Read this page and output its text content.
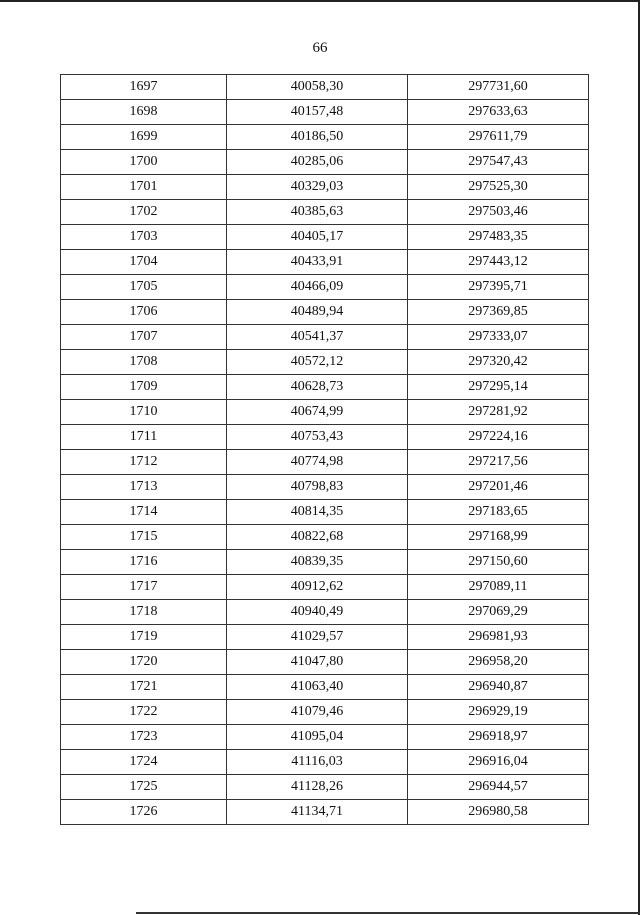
66
1697	40058,30	297731,60
1698	40157,48	297633,63
1699	40186,50	297611,79
1700	40285,06	297547,43
1701	40329,03	297525,30
1702	40385,63	297503,46
1703	40405,17	297483,35
1704	40433,91	297443,12
1705	40466,09	297395,71
1706	40489,94	297369,85
1707	40541,37	297333,07
1708	40572,12	297320,42
1709	40628,73	297295,14
1710	40674,99	297281,92
1711	40753,43	297224,16
1712	40774,98	297217,56
1713	40798,83	297201,46
1714	40814,35	297183,65
1715	40822,68	297168,99
1716	40839,35	297150,60
1717	40912,62	297089,11
1718	40940,49	297069,29
1719	41029,57	296981,93
1720	41047,80	296958,20
1721	41063,40	296940,87
1722	41079,46	296929,19
1723	41095,04	296918,97
1724	41116,03	296916,04
1725	41128,26	296944,57
1726	41134,71	296980,58
